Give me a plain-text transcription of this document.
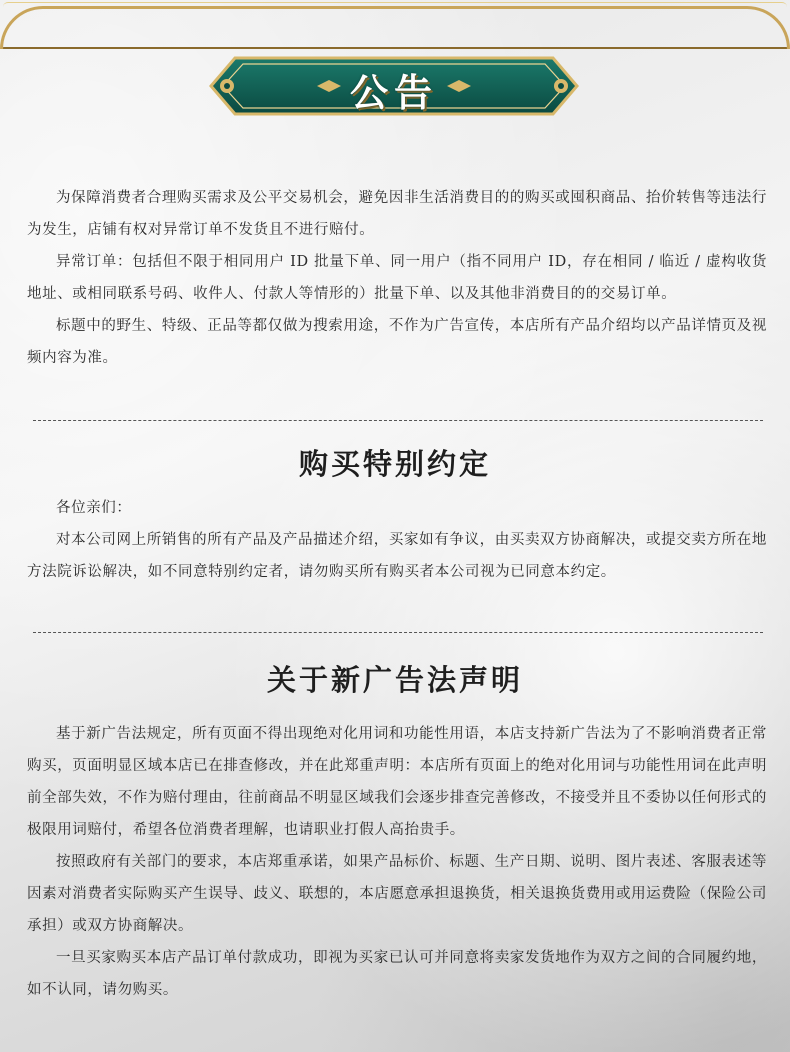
公告

为保障消费者合理购买需求及公平交易机会，避免因非生活消费目的的购买或囤积商品、抬价转售等违法行为发生，店铺有权对异常订单不发货且不进行赔付。

异常订单：包括但不限于相同用户 ID 批量下单、同一用户（指不同用户 ID，存在相同 / 临近 / 虚构收货地址、或相同联系号码、收件人、付款人等情形的）批量下单、以及其他非消费目的的交易订单。

标题中的野生、特级、正品等都仅做为搜索用途，不作为广告宣传，本店所有产品介绍均以产品详情页及视频内容为准。

购买特别约定

各位亲们：

对本公司网上所销售的所有产品及产品描述介绍，买家如有争议，由买卖双方协商解决，或提交卖方所在地方法院诉讼解决，如不同意特别约定者，请勿购买所有购买者本公司视为已同意本约定。

关于新广告法声明

基于新广告法规定，所有页面不得出现绝对化用词和功能性用语，本店支持新广告法为了不影响消费者正常购买，页面明显区域本店已在排查修改，并在此郑重声明：本店所有页面上的绝对化用词与功能性用词在此声明前全部失效，不作为赔付理由，往前商品不明显区域我们会逐步排查完善修改，不接受并且不委协以任何形式的极限用词赔付，希望各位消费者理解，也请职业打假人高抬贵手。

按照政府有关部门的要求，本店郑重承诺，如果产品标价、标题、生产日期、说明、图片表述、客服表述等因素对消费者实际购买产生误导、歧义、联想的，本店愿意承担退换货，相关退换货费用或用运费险（保险公司承担）或双方协商解决。

一旦买家购买本店产品订单付款成功，即视为买家已认可并同意将卖家发货地作为双方之间的合同履约地，如不认同，请勿购买。
